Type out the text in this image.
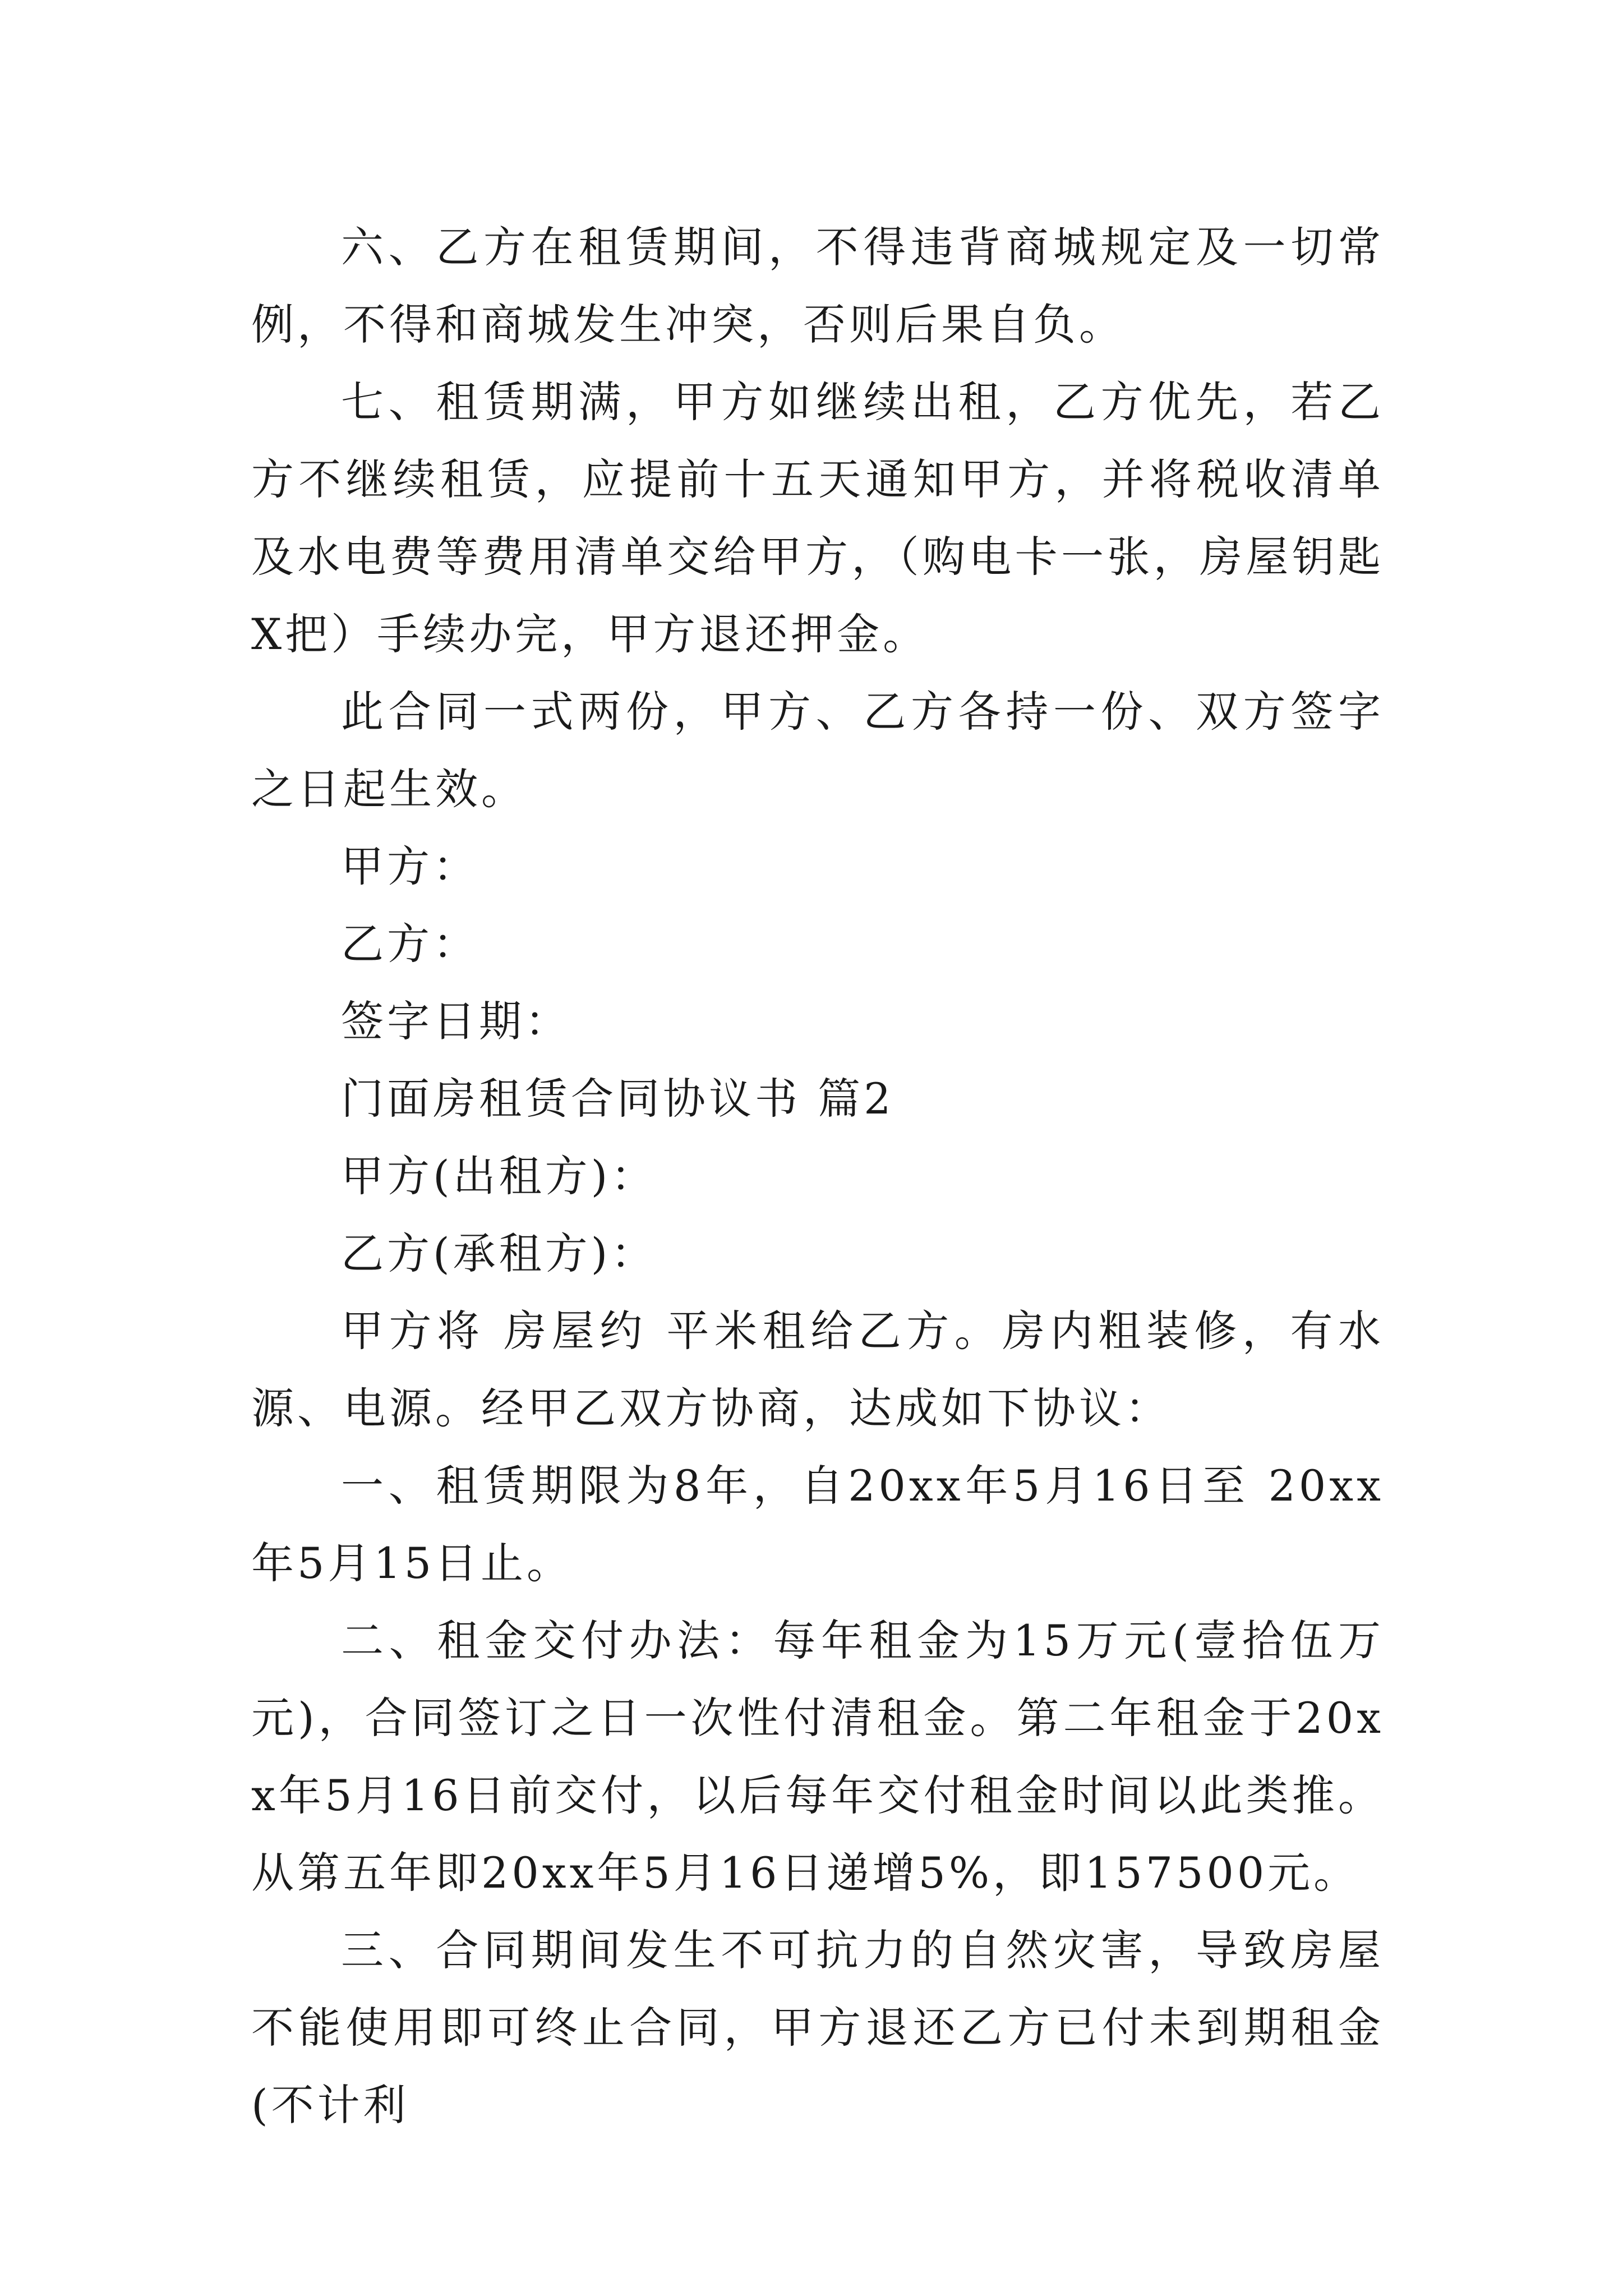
六、乙方在租赁期间，不得违背商城规定及一切常例，不得和商城发生冲突，否则后果自负。

七、租赁期满，甲方如继续出租，乙方优先，若乙方不继续租赁，应提前十五天通知甲方，并将税收清单及水电费等费用清单交给甲方，（购电卡一张，房屋钥匙X把）手续办完，甲方退还押金。

此合同一式两份，甲方、乙方各持一份、双方签字之日起生效。

甲方：

乙方：

签字日期：

门面房租赁合同协议书 篇2

甲方(出租方)：

乙方(承租方)：

甲方将 房屋约 平米租给乙方。房内粗装修，有水源、电源。经甲乙双方协商，达成如下协议：

一、租赁期限为8年，自20xx年5月16日至 20xx年5月15日止。

二、租金交付办法：每年租金为15万元(壹拾伍万元)，合同签订之日一次性付清租金。第二年租金于20xx年5月16日前交付，以后每年交付租金时间以此类推。从第五年即20xx年5月16日递增5%，即157500元。

三、合同期间发生不可抗力的自然灾害，导致房屋不能使用即可终止合同，甲方退还乙方已付未到期租金(不计利
